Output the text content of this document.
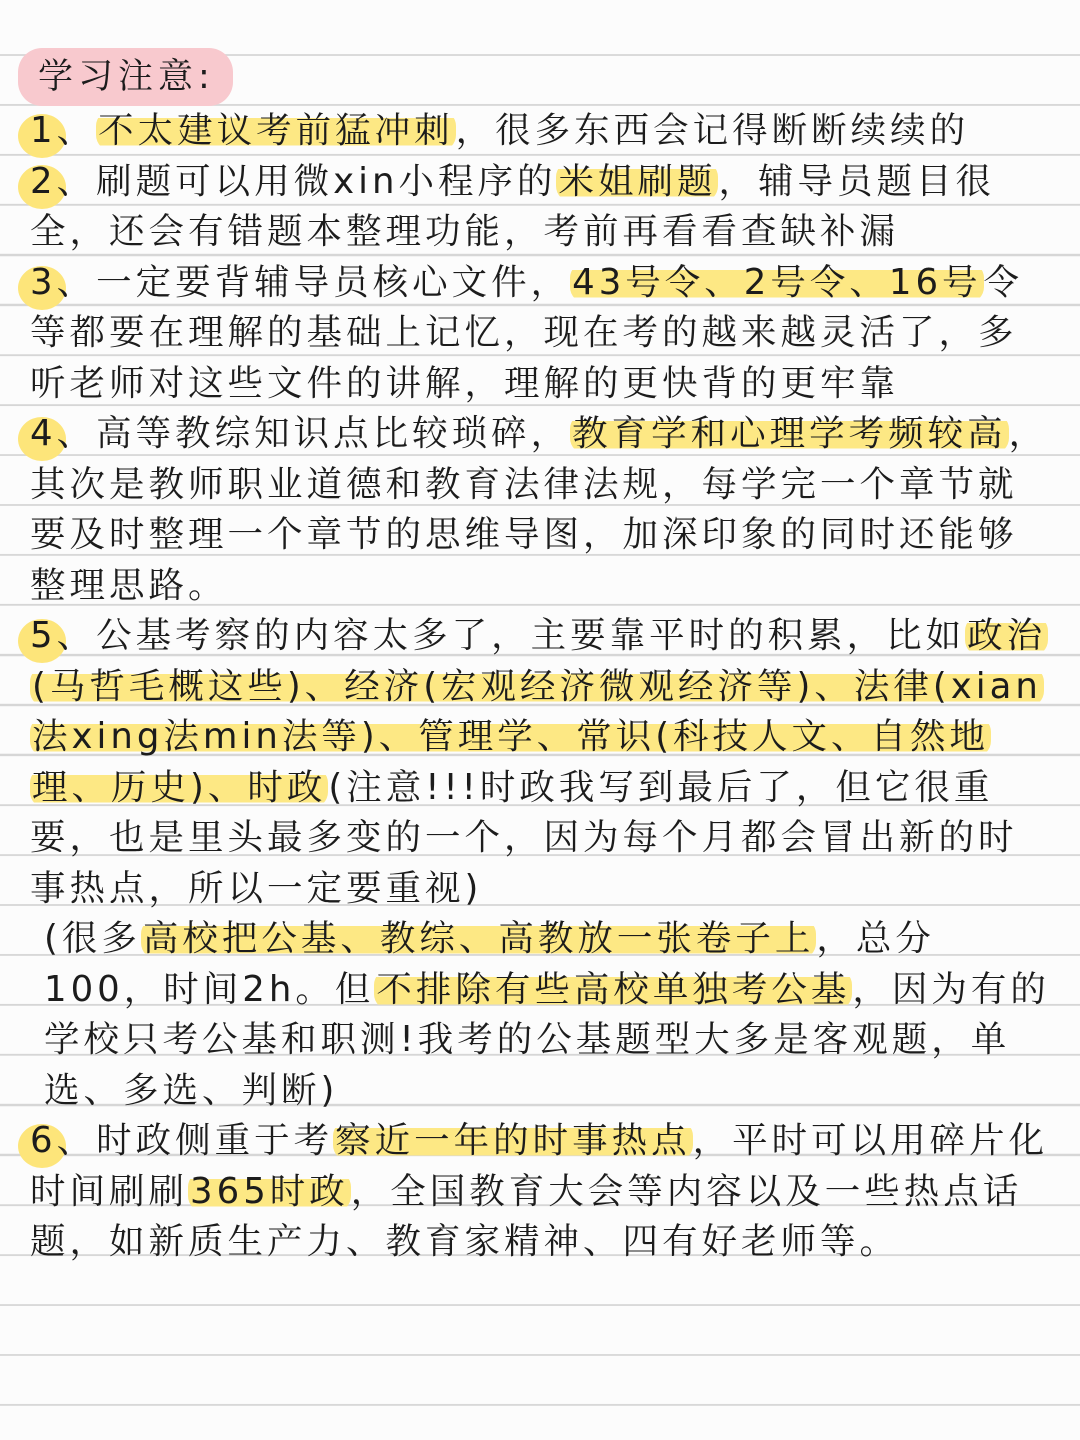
学习注意:

1、不太建议考前猛冲刺，很多东西会记得断断续续的

2、刷题可以用微xin小程序的米姐刷题，辅导员题目很全，还会有错题本整理功能，考前再看看查缺补漏

3、一定要背辅导员核心文件，43号令、2号令、16号令等都要在理解的基础上记忆，现在考的越来越灵活了，多听老师对这些文件的讲解，理解的更快背的更牢靠

4、高等教综知识点比较琐碎，教育学和心理学考频较高，其次是教师职业道德和教育法律法规，每学完一个章节就要及时整理一个章节的思维导图，加深印象的同时还能够整理思路。

5、公基考察的内容太多了，主要靠平时的积累，比如政治(马哲毛概这些)、经济(宏观经济微观经济等)、法律(xian法xing法min法等)、管理学、常识(科技人文、自然地理、历史)、时政(注意!!!时政我写到最后了，但它很重要，也是里头最多变的一个，因为每个月都会冒出新的时事热点，所以一定要重视)

(很多高校把公基、教综、高教放一张卷子上，总分100，时间2h。但不排除有些高校单独考公基，因为有的学校只考公基和职测!我考的公基题型大多是客观题，单选、多选、判断)

6、时政侧重于考察近一年的时事热点，平时可以用碎片化时间刷刷365时政，全国教育大会等内容以及一些热点话题，如新质生产力、教育家精神、四有好老师等。
